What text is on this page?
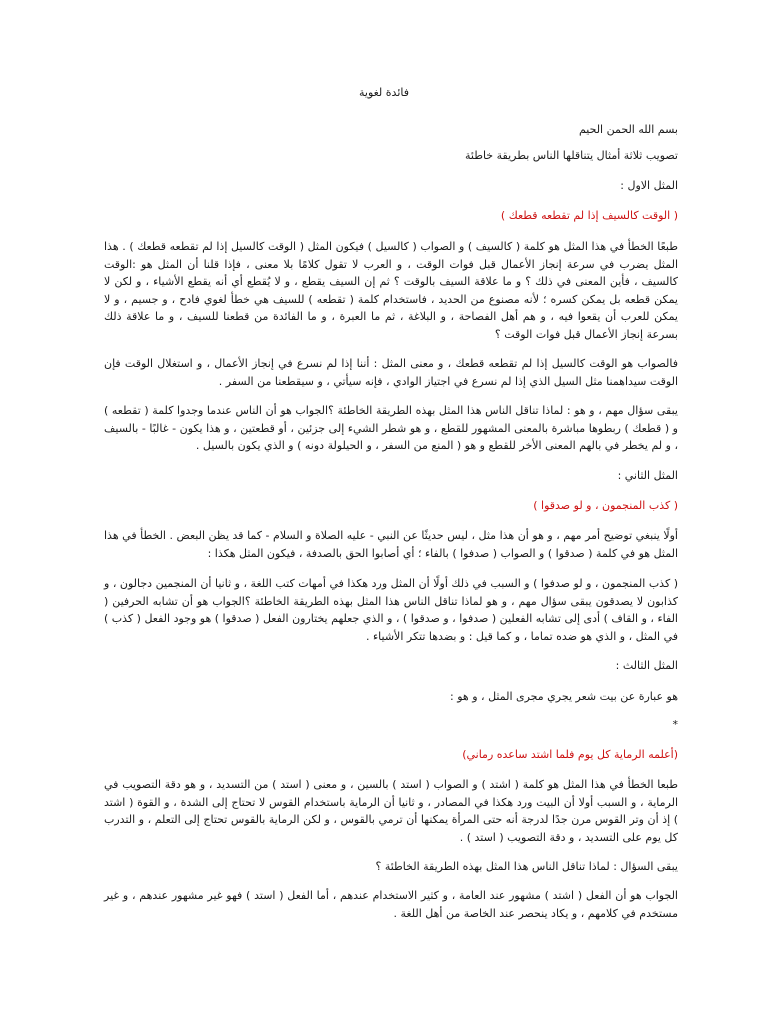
فائدة لغوية
بسم الله الحمن الحيم
تصويب ثلاثة أمثال يتناقلها الناس بطريقة خاطئة
المثل الاول :
( الوقت كالسيف إذا لم تقطعه قطعك )
طبعًا الخطأ في هذا المثل هو كلمة ( كالسيف ) و الصواب ( كالسيل ) فيكون المثل ( الوقت كالسيل إذا لم تقطعه قطعك ) . هذا المثل يضرب في سرعة إنجاز الأعمال قبل فوات الوقت ، و العرب لا تقول كلامًا بلا معنى ، فإذا قلنا أن المثل هو :الوقت كالسيف ، فأين المعنى في ذلك ؟ و ما علاقة السيف بالوقت ؟ ثم إن السيف يقطع ، و لا يُقطع أي أنه يقطع الأشياء ، و لكن لا يمكن قطعه بل يمكن كسره ؛ لأنه مصنوع من الحديد ، فاستخدام كلمة ( تقطعه ) للسيف هي خطأ لغوي فادح ، و جسيم ، و لا يمكن للعرب أن يقعوا فيه ، و هم أهل الفصاحة ، و البلاغة ، ثم ما العبرة ، و ما الفائدة من قطعنا للسيف ، و ما علاقة ذلك بسرعة إنجاز الأعمال قبل فوات الوقت ؟
فالصواب هو الوقت كالسيل إذا لم تقطعه قطعك ، و معنى المثل : أننا إذا لم نسرع في إنجاز الأعمال ، و استغلال الوقت فإن الوقت سيداهمنا مثل السيل الذي إذا لم نسرع في اجتياز الوادي ، فإنه سيأتي ، و سيقطعنا من السفر .
يبقى سؤال مهم ، و هو : لماذا تناقل الناس هذا المثل بهذه الطريقة الخاطئة ؟الجواب هو أن الناس عندما وجدوا كلمة ( تقطعه ) و ( قطعك ) ربطوها مباشرة بالمعنى المشهور للقطع ، و هو شطر الشيء إلى جزئين ، أو قطعتين ، و هذا يكون - غالبًا - بالسيف ، و لم يخطر في بالهم المعنى الأخر للقطع و هو ( المنع من السفر ، و الحيلولة دونه ) و الذي يكون بالسيل .
المثل الثاني :
( كذب المنجمون ، و لو صدقوا )
أولًا ينبغي توضيح أمر مهم ، و هو أن هذا مثل ، ليس حديثًا عن النبي - عليه الصلاة و السلام - كما قد يظن البعض . الخطأ في هذا المثل هو في كلمة ( صدقوا ) و الصواب ( صدفوا ) بالفاء ؛ أي أصابوا الحق بالصدفة ، فيكون المثل هكذا :
( كذب المنجمون ، و لو صدفوا ) و السبب في ذلك أولًا أن المثل ورد هكذا في أمهات كتب اللغة ، و ثانيا أن المنجمين دجالون ، و كذابون لا يصدقون يبقى سؤال مهم ، و هو لماذا تناقل الناس هذا المثل بهذه الطريقة الخاطئة ؟الجواب هو أن تشابه الحرفين ( الفاء ، و القاف ) أدى إلى تشابه الفعلين ( صدفوا ، و صدقوا ) ، و الذي جعلهم يختارون الفعل ( صدقوا ) هو وجود الفعل ( كذب ) في المثل ، و الذي هو ضده تماما ، و كما قيل : و بضدها تتكر الأشياء .
المثل الثالث :
هو عبارة عن بيت شعر يجري مجرى المثل ، و هو :
*
(أعلمه الرماية كل يوم فلما اشتد ساعده رماني)
طبعا الخطأ في هذا المثل هو كلمة ( اشتد ) و الصواب ( استد ) بالسين ، و معنى ( استد ) من التسديد ، و هو دقة التصويب في الرماية ، و السبب أولا أن البيت ورد هكذا في المصادر ، و ثانيا أن الرماية باستخدام القوس لا تحتاج إلى الشدة ، و القوة ( اشتد ) إذ أن وتر القوس مرن جدًا لدرجة أنه حتى المرأة يمكنها أن ترمي بالقوس ، و لكن الرماية بالقوس تحتاج إلى التعلم ، و التدرب كل يوم على التسديد ، و دقة التصويب ( استد ) .
يبقى السؤال : لماذا تناقل الناس هذا المثل بهذه الطريقة الخاطئة ؟
الجواب هو أن الفعل ( اشتد ) مشهور عند العامة ، و كثير الاستخدام عندهم ، أما الفعل ( استد ) فهو غير مشهور عندهم ، و غير مستخدم في كلامهم ، و يكاد ينحصر عند الخاصة من أهل اللغة .
